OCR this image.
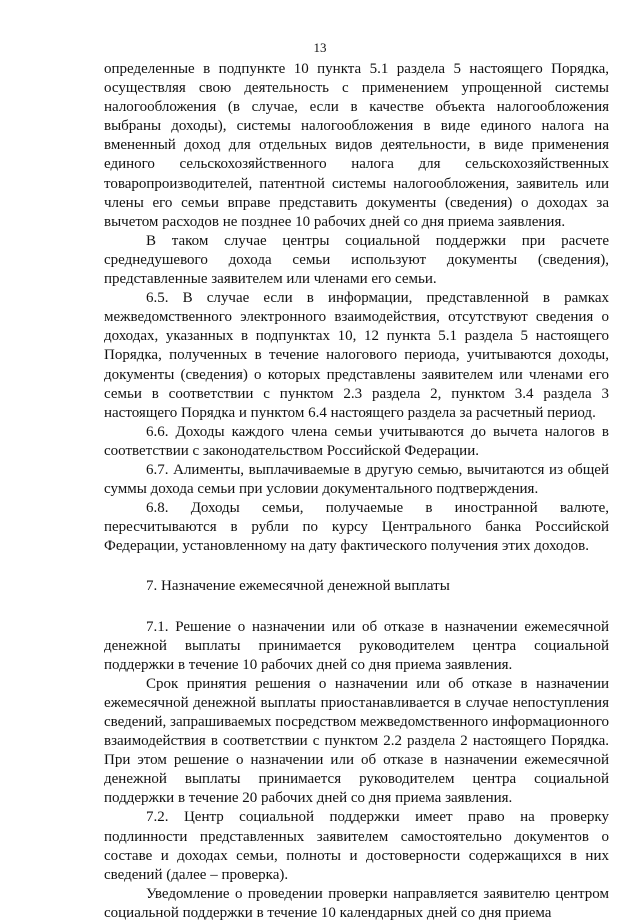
13

определенные в подпункте 10 пункта 5.1 раздела 5 настоящего Порядка, осуществляя свою деятельность с применением упрощенной системы налогообложения (в случае, если в качестве объекта налогообложения выбраны доходы), системы налогообложения в виде единого налога на вмененный доход для отдельных видов деятельности, в виде применения единого сельскохозяйственного налога для сельскохозяйственных товаропроизводителей, патентной системы налогообложения, заявитель или члены его семьи вправе представить документы (сведения) о доходах за вычетом расходов не позднее 10 рабочих дней со дня приема заявления.

В таком случае центры социальной поддержки при расчете среднедушевого дохода семьи используют документы (сведения), представленные заявителем или членами его семьи.

6.5. В случае если в информации, представленной в рамках межведомственного электронного взаимодействия, отсутствуют сведения о доходах, указанных в подпунктах 10, 12 пункта 5.1 раздела 5 настоящего Порядка, полученных в течение налогового периода, учитываются доходы, документы (сведения) о которых представлены заявителем или членами его семьи в соответствии с пунктом 2.3 раздела 2, пунктом 3.4 раздела 3 настоящего Порядка и пунктом 6.4 настоящего раздела за расчетный период.

6.6. Доходы каждого члена семьи учитываются до вычета налогов в соответствии с законодательством Российской Федерации.

6.7. Алименты, выплачиваемые в другую семью, вычитаются из общей суммы дохода семьи при условии документального подтверждения.

6.8. Доходы семьи, получаемые в иностранной валюте, пересчитываются в рубли по курсу Центрального банка Российской Федерации, установленному на дату фактического получения этих доходов.

7. Назначение ежемесячной денежной выплаты

7.1. Решение о назначении или об отказе в назначении ежемесячной денежной выплаты принимается руководителем центра социальной поддержки в течение 10 рабочих дней со дня приема заявления.

Срок принятия решения о назначении или об отказе в назначении ежемесячной денежной выплаты приостанавливается в случае непоступления сведений, запрашиваемых посредством межведомственного информационного взаимодействия в соответствии с пунктом 2.2 раздела 2 настоящего Порядка. При этом решение о назначении или об отказе в назначении ежемесячной денежной выплаты принимается руководителем центра социальной поддержки в течение 20 рабочих дней со дня приема заявления.

7.2. Центр социальной поддержки имеет право на проверку подлинности представленных заявителем самостоятельно документов о составе и доходах семьи, полноты и достоверности содержащихся в них сведений (далее – проверка).

Уведомление о проведении проверки направляется заявителю центром социальной поддержки в течение 10 календарных дней со дня приема
